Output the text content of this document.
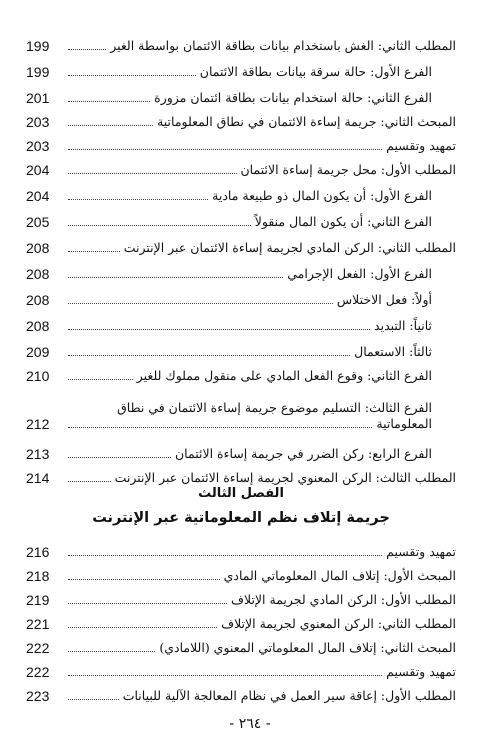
المطلب الثاني: الغش باستخدام بيانات بطاقة الائتمان بواسطة الغير
199
الفرع الأول: حالة سرقة بيانات بطاقة الائتمان
199
الفرع الثاني: حالة استخدام بيانات بطاقة ائتمان مزورة
201
المبحث الثاني: جريمة إساءة الائتمان في نطاق المعلوماتية
203
تمهيد وتقسيم
203
المطلب الأول: محل جريمة إساءة الائتمان
204
الفرع الأول: أن يكون المال ذو طبيعة مادية
204
الفرع الثاني: أن يكون المال منقولاً
205
المطلب الثاني: الركن المادي لجريمة إساءة الائتمان عبر الإنترنت
208
الفرع الأول: الفعل الإجرامي
208
أولاً: فعل الاختلاس
208
ثانياً: التبديد
208
ثالثاً: الاستعمال
209
الفرع الثاني: وقوع الفعل المادي على منقول مملوك للغير
210
الفرع الثالث: التسليم موضوع جريمة إساءة الائتمان في نطاق
المعلوماتية
212
الفرع الرابع: ركن الضرر في جريمة إساءة الائتمان
213
المطلب الثالث: الركن المعنوي لجريمة إساءة الائتمان عبر الإنترنت
214
الفصل الثالث
جريمة إتلاف نظم المعلوماتية عبر الإنترنت
تمهيد وتقسيم
216
المبحث الأول: إتلاف المال المعلوماتي المادي
218
المطلب الأول: الركن المادي لجريمة الإتلاف
219
المطلب الثاني: الركن المعنوي لجريمة الإتلاف
221
المبحث الثاني: إتلاف المال المعلوماتي المعنوي (اللامادي)
222
تمهيد وتقسيم
222
المطلب الأول: إعاقة سير العمل في نظام المعالجة الآلية للبيانات
223
- ٢٦٤ -
